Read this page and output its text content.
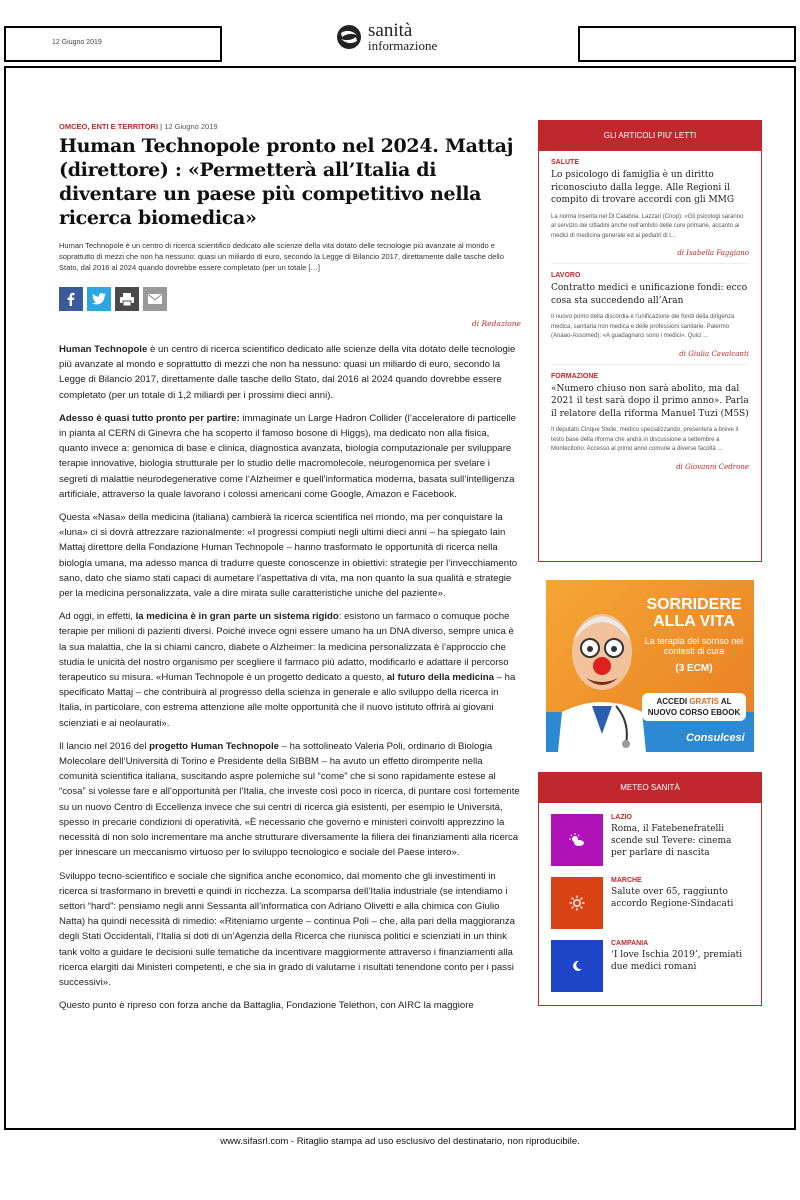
12 Giugno 2019
sanità
informazione
OMCEO, ENTI E TERRITORI | 12 Giugno 2019
Human Technopole pronto nel 2024. Mattaj (direttore) : «Permetterà all’Italia di diventare un paese più competitivo nella ricerca biomedica»
Human Technopole è un centro di ricerca scientifico dedicato alle scienze della vita dotato delle tecnologie più avanzate al mondo e soprattutto di mezzi che non ha nessuno: quasi un miliardo di euro, secondo la Legge di Bilancio 2017, direttamente dalle tasche dello Stato, dal 2016 al 2024 quando dovrebbe essere completato (per un totale […]
di Redazione

Human Technopole è un centro di ricerca scientifico dedicato alle scienze della vita dotato delle tecnologie più avanzate al mondo e soprattutto di mezzi che non ha nessuno: quasi un miliardo di euro, secondo la Legge di Bilancio 2017, direttamente dalle tasche dello Stato, dal 2016 al 2024 quando dovrebbe essere completato (per un totale di 1,2 miliardi per i prossimi dieci anni).

Adesso è quasi tutto pronto per partire: immaginate un Large Hadron Collider (l’acceleratore di particelle in pianta al CERN di Ginevra che ha scoperto il famoso bosone di Higgs), ma dedicato non alla fisica, quanto invece a: genomica di base e clinica, diagnostica avanzata, biologia computazionale per sviluppare terapie innovative, biologia strutturale per lo studio delle macromolecole, neurogenomica per svelare i segreti di malattie neurodegenerative come l’Alzheimer e quell’informatica moderna, basata sull’intelligenza artificiale, attraverso la quale lavorano i colossi americani come Google, Amazon e Facebook.

Questa «Nasa» della medicina (italiana) cambierà la ricerca scientifica nel mondo, ma per conquistare la «luna» ci si dovrà attrezzare razionalmente: «I progressi compiuti negli ultimi dieci anni – ha spiegato Iain Mattaj direttore della Fondazione Human Technopole – hanno trasformato le opportunità di ricerca nella biologia umana, ma adesso manca di tradurre queste conoscenze in obiettivi: strategie per l’invecchiamento sano, dato che siamo stati capaci di aumetare l’aspettativa di vita, ma non quanto la sua qualità e strategie per la medicina personalizzata, vale a dire mirata sulle caratteristiche uniche del paziente».

Ad oggi, in effetti, la medicina è in gran parte un sistema rigido: esistono un farmaco o comuque poche terapie per milioni di pazienti diversi. Poiché invece ogni essere umano ha un DNA diverso, sempre unica è la sua malattia, che la si chiami cancro, diabete o Alzheimer: la medicina personalizzata è l’approccio che studia le unicità del nostro organismo per scegliere il farmaco più adatto, modificarlo e adattare il percorso terapeutico su misura. «Human Technopole è un progetto dedicato a questo, al futuro della medicina – ha specificato Mattaj – che contribuirà al progresso della scienza in generale e allo sviluppo della ricerca in Italia, in particolare, con estrema attenzione alle molte opportunità che il nuovo istituto offrirà ai giovani scienziati e ai neolaurati».

Il lancio nel 2016 del progetto Human Technopole – ha sottolineato Valeria Poli, ordinario di Biologia Molecolare dell’Università di Torino e Presidente della SIBBM – ha avuto un effetto dirompente nella comunità scientifica italiana, suscitando aspre polemiche sul “come” che si sono rapidamente estese al “cosa” si volesse fare e all’opportunità per l’Italia, che investe così poco in ricerca, di puntare così fortemente su un nuovo Centro di Eccellenza invece che sui centri di ricerca già esistenti, per esempio le Università, spesso in precarie condizioni di operatività. «È necessario che governo e ministeri coinvolti apprezzino la necessità di non solo incrementare ma anche strutturare diversamente la filiera dei finanziamenti alla ricerca per innescare un meccanismo virtuoso per lo sviluppo tecnologico e sociale del Paese intero».

Sviluppo tecno-scientifico e sociale che significa anche economico, dal momento che gli investimenti in ricerca si trasformano in brevetti e quindi in ricchezza. La scomparsa dell’Italia industriale (se intendiamo i settori “hard”: pensiamo negli anni Sessanta all’informatica con Adriano Olivetti e alla chimica con Giulio Natta) ha quindi necessità di rimedio: «Riteniamo urgente – continua Poli – che, alla pari della maggioranza degli Stati Occidentali, l’Italia si doti di un’Agenzia della Ricerca che riunisca politici e scienziati in un think tank volto a guidare le decisioni sulle tematiche da incentivare maggiormente attraverso i finanziamenti alla ricerca elargiti dai Ministeri competenti, e che sia in grado di valutarne i risultati tenendone conto per i passi successivi».

Questo punto è ripreso con forza anche da Battaglia, Fondazione Telethon, con AIRC la maggiore

GLI ARTICOLI PIU' LETTI
SALUTE
Lo psicologo di famiglia è un diritto riconosciuto dalla legge. Alle Regioni il compito di trovare accordi con gli MMG
La norma inserita nel Dl Calabria. Lazzari (Cnop): «Gli psicologi saranno al servizio dei cittadini anche nell’ambito delle cure primarie, accanto ai medici di medicina generale ed ai pediatri di l...
di Isabella Faggiano
LAVORO
Contratto medici e unificazione fondi: ecco cosa sta succedendo all’Aran
Il nuovo pomo della discordia è l’unificazione dei fondi della dirigenza medica, sanitaria non medica e delle professioni sanitarie. Palermo (Anaao-Assomed): «A guadagnarci sono i medici». Quici ...
di Giulia Cavalcanti
FORMAZIONE
«Numero chiuso non sarà abolito, ma dal 2021 il test sarà dopo il primo anno». Parla il relatore della riforma Manuel Tuzi (M5S)
Il deputato Cinque Stelle, medico specializzando, presenterà a breve il testo base della riforma che andrà in discussione a settembre a Montecitorio. Accesso al primo anno comune a diverse facoltà ...
di Giovanni Cedrone
SORRIDERE
ALLA VITA
La terapia del sorriso nei contesti di cura
(3 ECM)
ACCEDI GRATIS AL NUOVO CORSO EBOOK
Consulcesi
METEO SANITÀ
LAZIO
Roma, il Fatebenefratelli scende sul Tevere: cinema per parlare di nascita
MARCHE
Salute over 65, raggiunto accordo Regione-Sindacati
CAMPANIA
‘I love Ischia 2019’, premiati due medici romani
www.sifasrl.com - Ritaglio stampa ad uso esclusivo del destinatario, non riproducibile.
